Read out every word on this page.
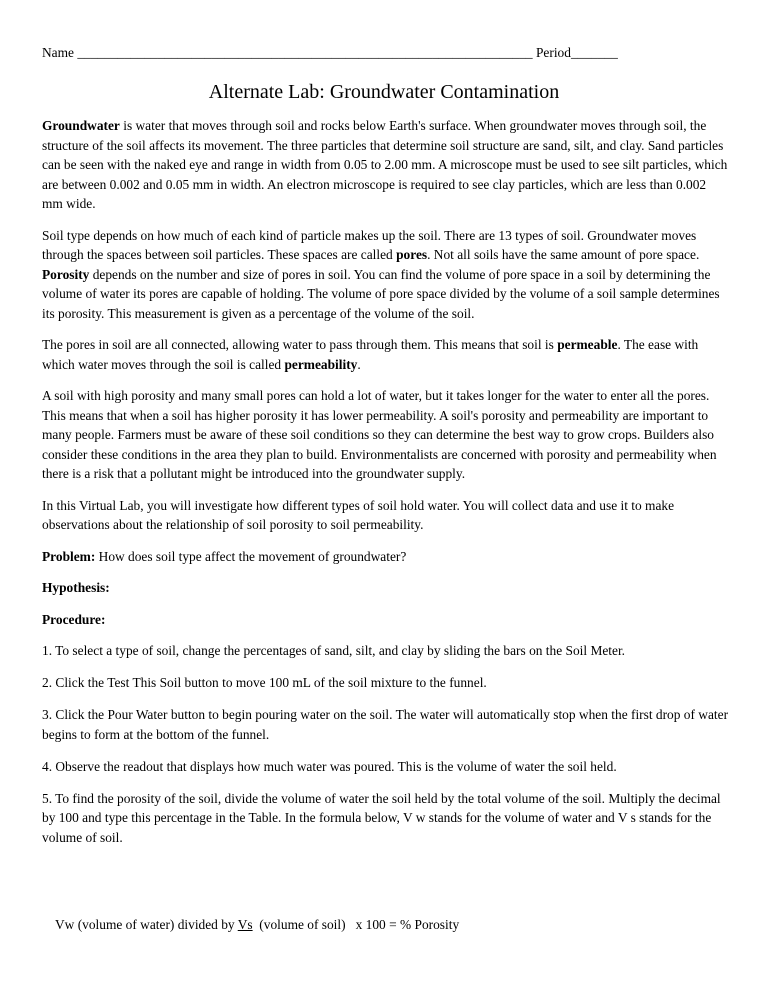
Name ____________________________________________________________________ Period_______
Alternate Lab: Groundwater Contamination

Groundwater is water that moves through soil and rocks below Earth's surface. When groundwater moves through soil, the structure of the soil affects its movement. The three particles that determine soil structure are sand, silt, and clay. Sand particles can be seen with the naked eye and range in width from 0.05 to 2.00 mm. A microscope must be used to see silt particles, which are between 0.002 and 0.05 mm in width. An electron microscope is required to see clay particles, which are less than 0.002 mm wide.

Soil type depends on how much of each kind of particle makes up the soil. There are 13 types of soil. Groundwater moves through the spaces between soil particles. These spaces are called pores. Not all soils have the same amount of pore space. Porosity depends on the number and size of pores in soil. You can find the volume of pore space in a soil by determining the volume of water its pores are capable of holding. The volume of pore space divided by the volume of a soil sample determines its porosity. This measurement is given as a percentage of the volume of the soil.

The pores in soil are all connected, allowing water to pass through them. This means that soil is permeable. The ease with which water moves through the soil is called permeability.

A soil with high porosity and many small pores can hold a lot of water, but it takes longer for the water to enter all the pores. This means that when a soil has higher porosity it has lower permeability. A soil's porosity and permeability are important to many people. Farmers must be aware of these soil conditions so they can determine the best way to grow crops. Builders also consider these conditions in the area they plan to build. Environmentalists are concerned with porosity and permeability when there is a risk that a pollutant might be introduced into the groundwater supply.

In this Virtual Lab, you will investigate how different types of soil hold water. You will collect data and use it to make observations about the relationship of soil porosity to soil permeability.

Problem: How does soil type affect the movement of groundwater?

Hypothesis:

Procedure:

1. To select a type of soil, change the percentages of sand, silt, and clay by sliding the bars on the Soil Meter.

2. Click the Test This Soil button to move 100 mL of the soil mixture to the funnel.

3. Click the Pour Water button to begin pouring water on the soil. The water will automatically stop when the first drop of water begins to form at the bottom of the funnel.

4. Observe the readout that displays how much water was poured. This is the volume of water the soil held.

5. To find the porosity of the soil, divide the volume of water the soil held by the total volume of the soil. Multiply the decimal by 100 and type this percentage in the Table. In the formula below, V w stands for the volume of water and V s stands for the volume of soil.

Vw (volume of water) divided by Vs  (volume of soil)   x 100 = % Porosity
